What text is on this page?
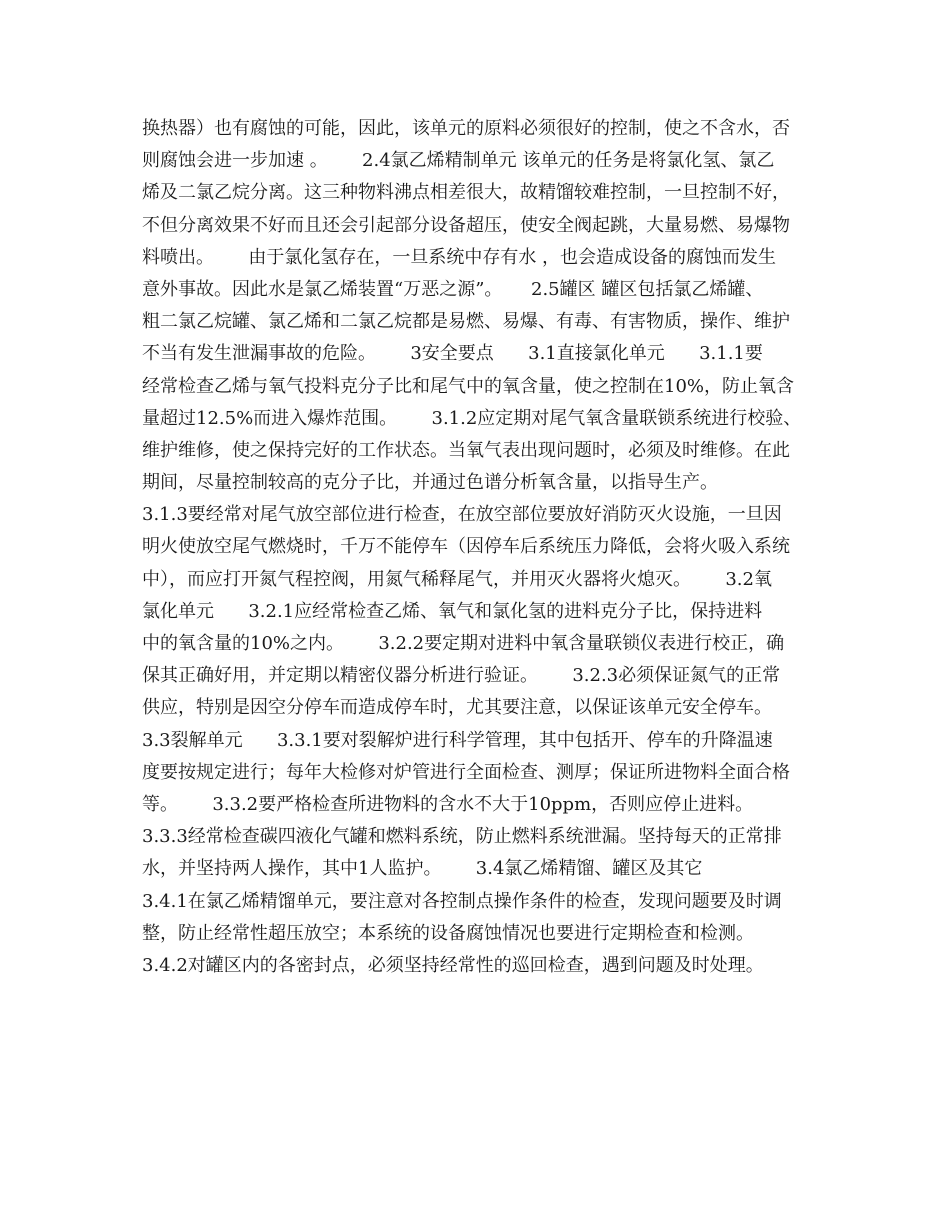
换热器）也有腐蚀的可能，因此，该单元的原料必须很好的控制，使之不含水，否
则腐蚀会进一步加速 。      2.4氯乙烯精制单元 该单元的任务是将氯化氢、氯乙
烯及二氯乙烷分离。这三种物料沸点相差很大，故精馏较难控制，一旦控制不好，
不但分离效果不好而且还会引起部分设备超压，使安全阀起跳，大量易燃、易爆物
料喷出。      由于氯化氢存在，一旦系统中存有水 ，也会造成设备的腐蚀而发生
意外事故。因此水是氯乙烯装置“万恶之源”。     2.5罐区 罐区包括氯乙烯罐、
粗二氯乙烷罐、氯乙烯和二氯乙烷都是易燃、易爆、有毒、有害物质，操作、维护
不当有发生泄漏事故的危险。      3安全要点      3.1直接氯化单元      3.1.1要
经常检查乙烯与氧气投料克分子比和尾气中的氧含量，使之控制在10%，防止氧含
量超过12.5%而进入爆炸范围。      3.1.2应定期对尾气氧含量联锁系统进行校验、
维护维修，使之保持完好的工作状态。当氧气表出现问题时，必须及时维修。在此
期间，尽量控制较高的克分子比，并通过色谱分析氧含量，以指导生产。
3.1.3要经常对尾气放空部位进行检查，在放空部位要放好消防灭火设施，一旦因
明火使放空尾气燃烧时，千万不能停车（因停车后系统压力降低，会将火吸入系统
中），而应打开氮气程控阀，用氮气稀释尾气，并用灭火器将火熄灭。      3.2氧
氯化单元      3.2.1应经常检查乙烯、氧气和氯化氢的进料克分子比，保持进料
中的氧含量的10%之内。      3.2.2要定期对进料中氧含量联锁仪表进行校正，确
保其正确好用，并定期以精密仪器分析进行验证。      3.2.3必须保证氮气的正常
供应，特别是因空分停车而造成停车时，尤其要注意，以保证该单元安全停车。
3.3裂解单元      3.3.1要对裂解炉进行科学管理，其中包括开、停车的升降温速
度要按规定进行；每年大检修对炉管进行全面检查、测厚；保证所进物料全面合格
等。      3.3.2要严格检查所进物料的含水不大于10ppm，否则应停止进料。
3.3.3经常检查碳四液化气罐和燃料系统，防止燃料系统泄漏。坚持每天的正常排
水，并坚持两人操作，其中1人监护。      3.4氯乙烯精馏、罐区及其它
3.4.1在氯乙烯精馏单元，要注意对各控制点操作条件的检查，发现问题要及时调
整，防止经常性超压放空；本系统的设备腐蚀情况也要进行定期检查和检测。
3.4.2对罐区内的各密封点，必须坚持经常性的巡回检查，遇到问题及时处理。
